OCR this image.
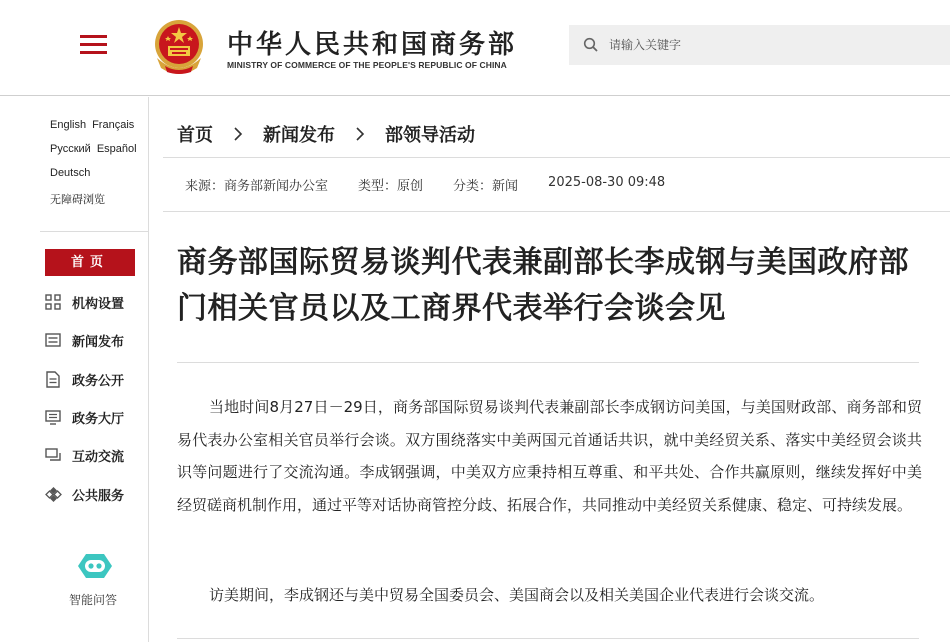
中华人民共和国商务部
MINISTRY OF COMMERCE OF THE PEOPLE'S REPUBLIC OF CHINA
请输入关键字
English Français
Русский Español
Deutsch
无障碍浏览
首页
机构设置
新闻发布
政务公开
政务大厅
互动交流
公共服务
智能问答
首页	新闻发布	部领导活动
来源：商务部新闻办公室 类型：原创 分类：新闻 2025-08-30 09:48
商务部国际贸易谈判代表兼副部长李成钢与美国政府部门相关官员以及工商界代表举行会谈会见

当地时间8月27日－29日，商务部国际贸易谈判代表兼副部长李成钢访问美国，与美国财政部、商务部和贸易代表办公室相关官员举行会谈。双方围绕落实中美两国元首通话共识，就中美经贸关系、落实中美经贸会谈共识等问题进行了交流沟通。李成钢强调，中美双方应秉持相互尊重、和平共处、合作共赢原则，继续发挥好中美经贸磋商机制作用，通过平等对话协商管控分歧、拓展合作，共同推动中美经贸关系健康、稳定、可持续发展。

访美期间，李成钢还与美中贸易全国委员会、美国商会以及相关美国企业代表进行会谈交流。
